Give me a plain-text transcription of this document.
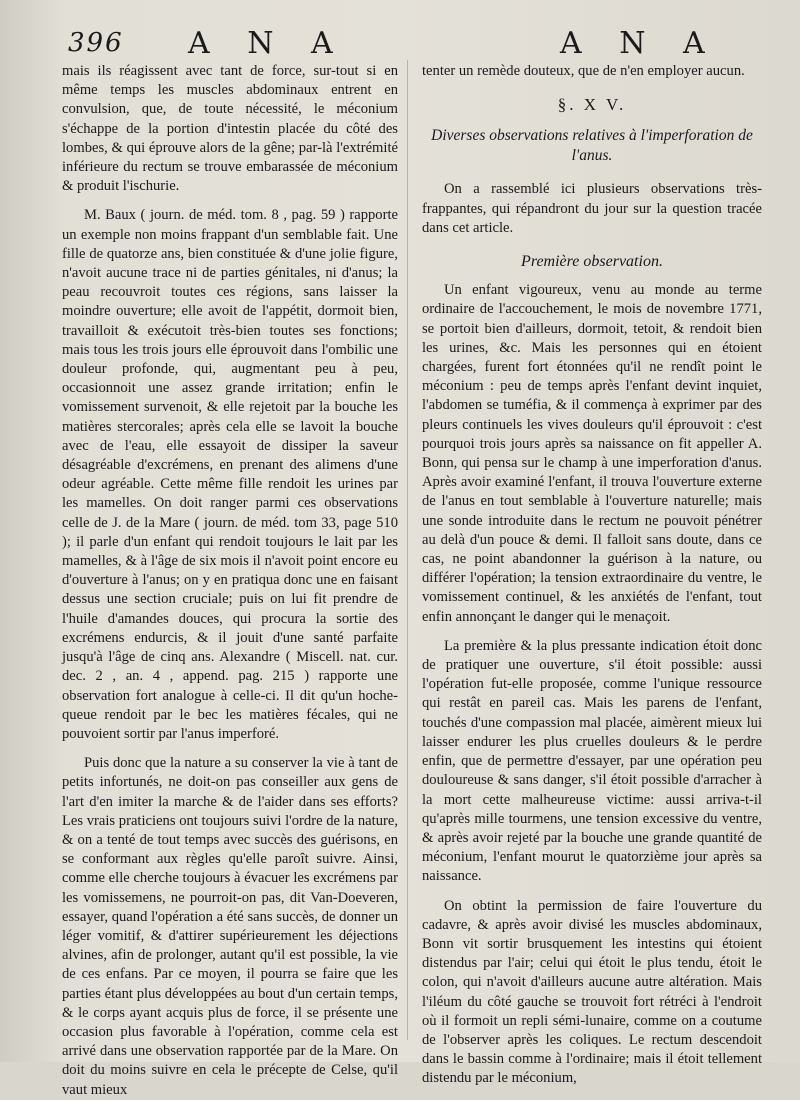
396 A N A	A N A

mais ils réagissent avec tant de force, sur-tout si en même temps les muscles abdominaux entrent en convulsion, que, de toute nécessité, le méconium s'échappe de la portion d'intestin placée du côté des lombes, & qui éprouve alors de la gêne; par-là l'extrémité inférieure du rectum se trouve embarassée de méconium & produit l'ischurie.

M. Baux ( journ. de méd. tom. 8 , pag. 59 ) rapporte un exemple non moins frappant d'un semblable fait. Une fille de quatorze ans, bien constituée & d'une jolie figure, n'avoit aucune trace ni de parties génitales, ni d'anus; la peau recouvroit toutes ces régions, sans laisser la moindre ouverture; elle avoit de l'appétit, dormoit bien, travailloit & exécutoit très-bien toutes ses fonctions; mais tous les trois jours elle éprouvoit dans l'ombilic une douleur profonde, qui, augmentant peu à peu, occasionnoit une assez grande irritation; enfin le vomissement survenoit, & elle rejetoit par la bouche les matières stercorales; après cela elle se lavoit la bouche avec de l'eau, elle essayoit de dissiper la saveur désagréable d'excrémens, en prenant des alimens d'une odeur agréable. Cette même fille rendoit les urines par les mamelles. On doit ranger parmi ces observations celle de J. de la Mare ( journ. de méd. tom 33, page 510 ); il parle d'un enfant qui rendoit toujours le lait par les mamelles, & à l'âge de six mois il n'avoit point encore eu d'ouverture à l'anus; on y en pratiqua donc une en faisant dessus une section cruciale; puis on lui fit prendre de l'huile d'amandes douces, qui procura la sortie des excrémens endurcis, & il jouit d'une santé parfaite jusqu'à l'âge de cinq ans. Alexandre ( Miscell. nat. cur. dec. 2 , an. 4 , append. pag. 215 ) rapporte une observation fort analogue à celle-ci. Il dit qu'un hoche-queue rendoit par le bec les matières fécales, qui ne pouvoient sortir par l'anus imperforé.

Puis donc que la nature a su conserver la vie à tant de petits infortunés, ne doit-on pas conseiller aux gens de l'art d'en imiter la marche & de l'aider dans ses efforts? Les vrais praticiens ont toujours suivi l'ordre de la nature, & on a tenté de tout temps avec succès des guérisons, en se conformant aux règles qu'elle paroît suivre. Ainsi, comme elle cherche toujours à évacuer les excrémens par les vomissemens, ne pourroit-on pas, dit Van-Doeveren, essayer, quand l'opération a été sans succès, de donner un léger vomitif, & d'attirer supérieurement les déjections alvines, afin de prolonger, autant qu'il est possible, la vie de ces enfans. Par ce moyen, il pourra se faire que les parties étant plus développées au bout d'un certain temps, & le corps ayant acquis plus de force, il se présente une occasion plus favorable à l'opération, comme cela est arrivé dans une observation rapportée par de la Mare. On doit du moins suivre en cela le précepte de Celse, qu'il vaut mieux

tenter un remède douteux, que de n'en employer aucun.

§. X V.
Diverses observations relatives à l'imperforation de l'anus.

On a rassemblé ici plusieurs observations très-frappantes, qui répandront du jour sur la question tracée dans cet article.

Première observation.

Un enfant vigoureux, venu au monde au terme ordinaire de l'accouchement, le mois de novembre 1771, se portoit bien d'ailleurs, dormoit, tetoit, & rendoit bien les urines, &c. Mais les personnes qui en étoient chargées, furent fort étonnées qu'il ne rendît point le méconium : peu de temps après l'enfant devint inquiet, l'abdomen se tuméfia, & il commença à exprimer par des pleurs continuels les vives douleurs qu'il éprouvoit : c'est pourquoi trois jours après sa naissance on fit appeller A. Bonn, qui pensa sur le champ à une imperforation d'anus. Après avoir examiné l'enfant, il trouva l'ouverture externe de l'anus en tout semblable à l'ouverture naturelle; mais une sonde introduite dans le rectum ne pouvoit pénétrer au delà d'un pouce & demi. Il falloit sans doute, dans ce cas, ne point abandonner la guérison à la nature, ou différer l'opération; la tension extraordinaire du ventre, le vomissement continuel, & les anxiétés de l'enfant, tout enfin annonçant le danger qui le menaçoit.

La première & la plus pressante indication étoit donc de pratiquer une ouverture, s'il étoit possible: aussi l'opération fut-elle proposée, comme l'unique ressource qui restât en pareil cas. Mais les parens de l'enfant, touchés d'une compassion mal placée, aimèrent mieux lui laisser endurer les plus cruelles douleurs & le perdre enfin, que de permettre d'essayer, par une opération peu douloureuse & sans danger, s'il étoit possible d'arracher à la mort cette malheureuse victime: aussi arriva-t-il qu'après mille tourmens, une tension excessive du ventre, & après avoir rejeté par la bouche une grande quantité de méconium, l'enfant mourut le quatorzième jour après sa naissance.

On obtint la permission de faire l'ouverture du cadavre, & après avoir divisé les muscles abdominaux, Bonn vit sortir brusquement les intestins qui étoient distendus par l'air; celui qui étoit le plus tendu, étoit le colon, qui n'avoit d'ailleurs aucune autre altération. Mais l'iléum du côté gauche se trouvoit fort rétréci à l'endroit où il formoit un repli sémi-lunaire, comme on a coutume de l'observer après les coliques. Le rectum descendoit dans le bassin comme à l'ordinaire; mais il étoit tellement distendu par le méconium,
